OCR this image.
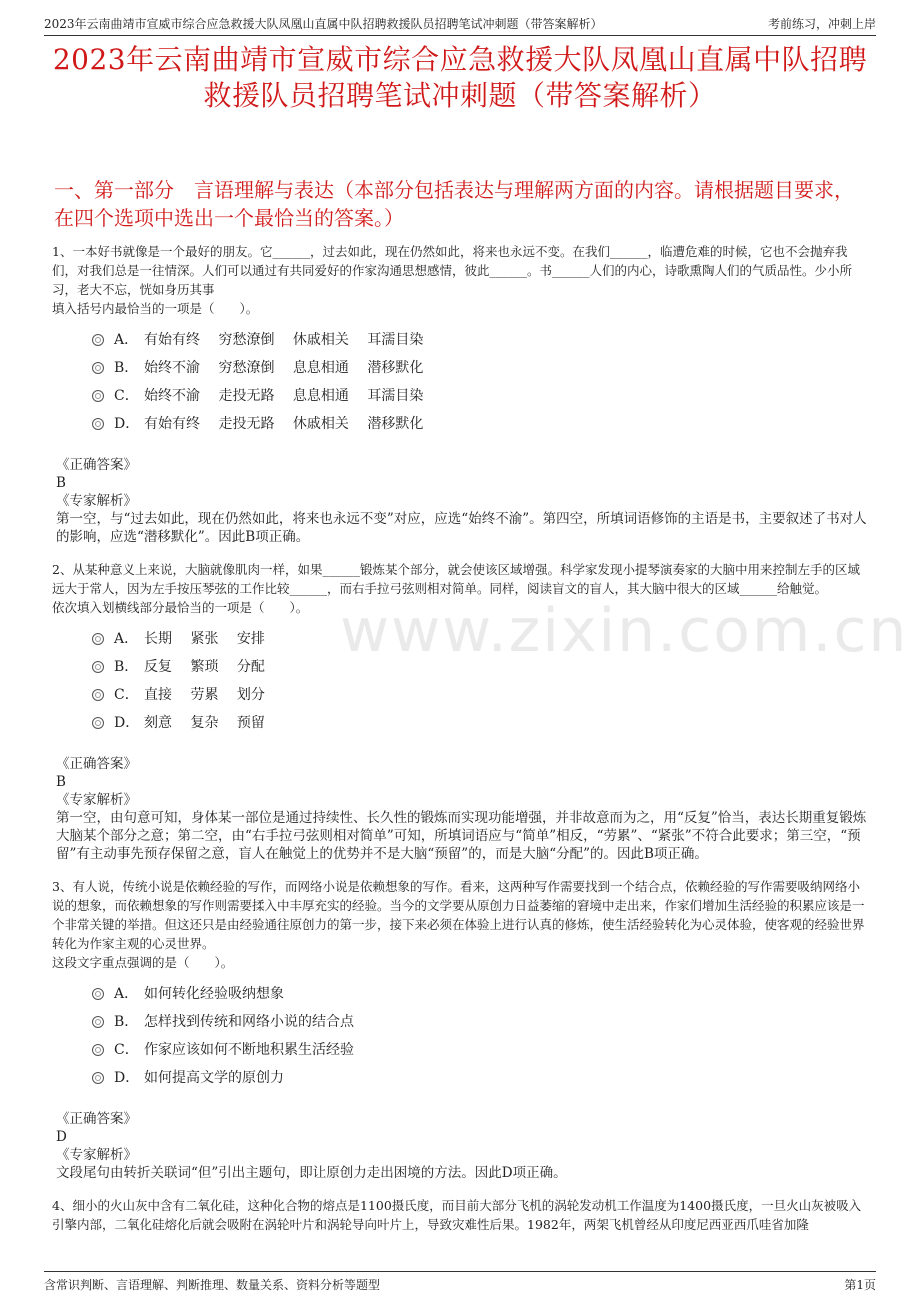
2023年云南曲靖市宣威市综合应急救援大队凤凰山直属中队招聘救援队员招聘笔试冲刺题（带答案解析）	考前练习，冲刺上岸
2023年云南曲靖市宣威市综合应急救援大队凤凰山直属中队招聘救援队员招聘笔试冲刺题（带答案解析）
一、第一部分　言语理解与表达（本部分包括表达与理解两方面的内容。请根据题目要求，在四个选项中选出一个最恰当的答案。）
www.zixin.com.cn

1、一本好书就像是一个最好的朋友。它______，过去如此，现在仍然如此，将来也永远不变。在我们______，临遭危难的时候，它也不会抛弃我们，对我们总是一往情深。人们可以通过有共同爱好的作家沟通思想感情，彼此______。书______人们的内心，诗歌熏陶人们的气质品性。少小所习，老大不忘，恍如身历其事

填入括号内最恰当的一项是（　　）。

A． 有始有终　 穷愁潦倒　 休戚相关　 耳濡目染
B． 始终不渝　 穷愁潦倒　 息息相通　 潜移默化
C． 始终不渝　 走投无路　 息息相通　 耳濡目染
D． 有始有终　 走投无路　 休戚相关　 潜移默化

《正确答案》

B

《专家解析》

第一空，与“过去如此，现在仍然如此，将来也永远不变”对应，应选“始终不渝”。第四空，所填词语修饰的主语是书，主要叙述了书对人的影响，应选“潜移默化”。因此B项正确。

2、从某种意义上来说，大脑就像肌肉一样，如果______锻炼某个部分，就会使该区域增强。科学家发现小提琴演奏家的大脑中用来控制左手的区域远大于常人，因为左手按压琴弦的工作比较______，而右手拉弓弦则相对简单。同样，阅读盲文的盲人，其大脑中很大的区域______给触觉。

依次填入划横线部分最恰当的一项是（　　）。

A． 长期　 紧张　 安排
B． 反复　 繁琐　 分配
C． 直接　 劳累　 划分
D． 刻意　 复杂　 预留

《正确答案》

B

《专家解析》

第一空，由句意可知，身体某一部位是通过持续性、长久性的锻炼而实现功能增强，并非故意而为之，用“反复”恰当，表达长期重复锻炼大脑某个部分之意；第二空，由“右手拉弓弦则相对简单”可知，所填词语应与“简单”相反，“劳累”、“紧张”不符合此要求；第三空，“预留”有主动事先预存保留之意，盲人在触觉上的优势并不是大脑“预留”的，而是大脑“分配”的。因此B项正确。

3、有人说，传统小说是依赖经验的写作，而网络小说是依赖想象的写作。看来，这两种写作需要找到一个结合点，依赖经验的写作需要吸纳网络小说的想象，而依赖想象的写作则需要揉入中丰厚充实的经验。当今的文学要从原创力日益萎缩的窘境中走出来，作家们增加生活经验的积累应该是一个非常关键的举措。但这还只是由经验通往原创力的第一步，接下来必须在体验上进行认真的修炼，使生活经验转化为心灵体验，使客观的经验世界转化为作家主观的心灵世界。

这段文字重点强调的是（　　）。

A． 如何转化经验吸纳想象
B． 怎样找到传统和网络小说的结合点
C． 作家应该如何不断地积累生活经验
D． 如何提高文学的原创力

《正确答案》

D

《专家解析》

文段尾句由转折关联词“但”引出主题句，即让原创力走出困境的方法。因此D项正确。

4、细小的火山灰中含有二氧化硅，这种化合物的熔点是1100摄氏度，而目前大部分飞机的涡轮发动机工作温度为1400摄氏度，一旦火山灰被吸入引擎内部，二氧化硅熔化后就会吸附在涡轮叶片和涡轮导向叶片上，导致灾难性后果。1982年，两架飞机曾经从印度尼西亚西爪哇省加隆

含常识判断、言语理解、判断推理、数量关系、资料分析等题型	第1页
